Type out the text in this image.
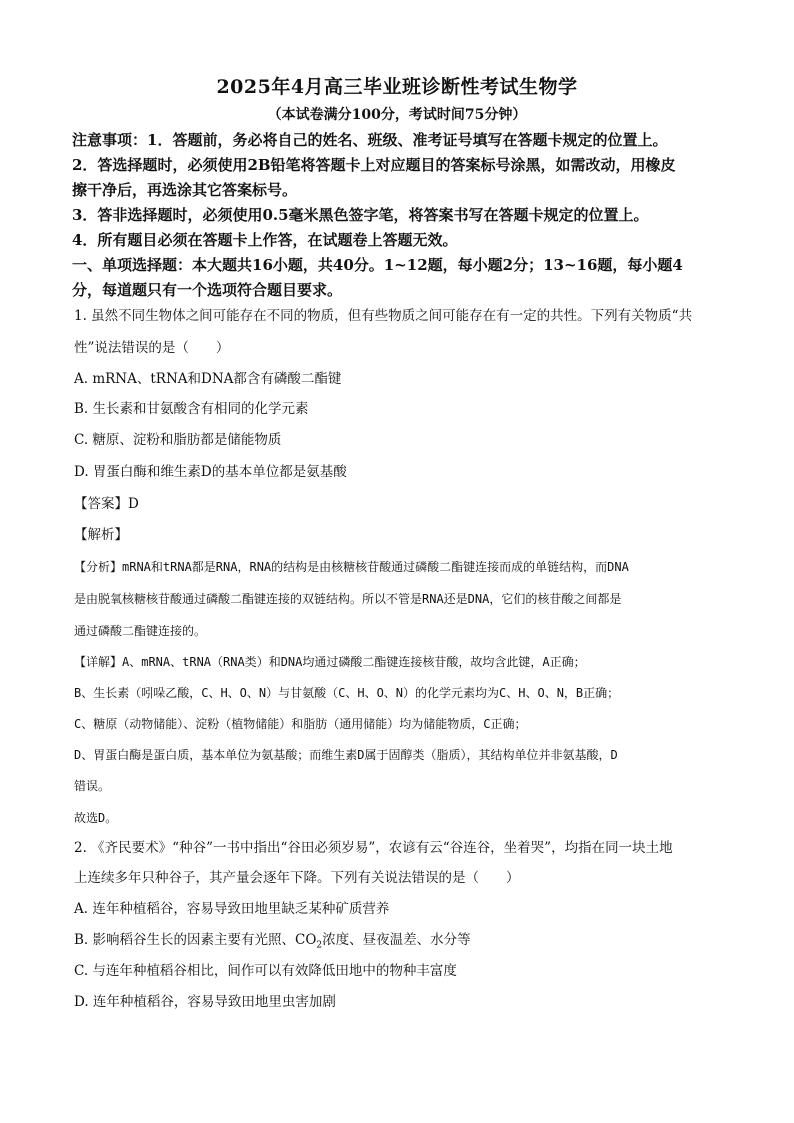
2025年4月高三毕业班诊断性考试生物学
（本试卷满分100分，考试时间75分钟）
注意事项：1．答题前，务必将自己的姓名、班级、准考证号填写在答题卡规定的位置上。
2．答选择题时，必须使用2B铅笔将答题卡上对应题目的答案标号涂黑，如需改动，用橡皮
擦干净后，再选涂其它答案标号。
3．答非选择题时，必须使用0.5毫米黑色签字笔，将答案书写在答题卡规定的位置上。
4．所有题目必须在答题卡上作答，在试题卷上答题无效。
一、单项选择题：本大题共16小题，共40分。1~12题，每小题2分；13~16题，每小题4
分，每道题只有一个选项符合题目要求。
1. 虽然不同生物体之间可能存在不同的物质，但有些物质之间可能存在有一定的共性。下列有关物质“共
性”说法错误的是（　　）
A. mRNA、tRNA和DNA都含有磷酸二酯键
B. 生长素和甘氨酸含有相同的化学元素
C. 糖原、淀粉和脂肪都是储能物质
D. 胃蛋白酶和维生素D的基本单位都是氨基酸
【答案】D
【解析】
【分析】mRNA和tRNA都是RNA，RNA的结构是由核糖核苷酸通过磷酸二酯键连接而成的单链结构，而DNA
是由脱氧核糖核苷酸通过磷酸二酯键连接的双链结构。所以不管是RNA还是DNA，它们的核苷酸之间都是
通过磷酸二酯键连接的。
【详解】A、mRNA、tRNA（RNA类）和DNA均通过磷酸二酯键连接核苷酸，故均含此键，A正确；
B、生长素（吲哚乙酸，C、H、O、N）与甘氨酸（C、H、O、N）的化学元素均为C、H、O、N，B正确；
C、糖原（动物储能）、淀粉（植物储能）和脂肪（通用储能）均为储能物质，C正确；
D、胃蛋白酶是蛋白质，基本单位为氨基酸；而维生素D属于固醇类（脂质），其结构单位并非氨基酸，D
错误。
故选D。
2. 《齐民要术》“种谷”一书中指出“谷田必须岁易”，农谚有云“谷连谷，坐着哭”，均指在同一块土地
上连续多年只种谷子，其产量会逐年下降。下列有关说法错误的是（　　）
A. 连年种植稻谷，容易导致田地里缺乏某种矿质营养
B. 影响稻谷生长的因素主要有光照、$CO_2$浓度、昼夜温差、水分等
C. 与连年种植稻谷相比，间作可以有效降低田地中的物种丰富度
D. 连年种植稻谷，容易导致田地里虫害加剧
